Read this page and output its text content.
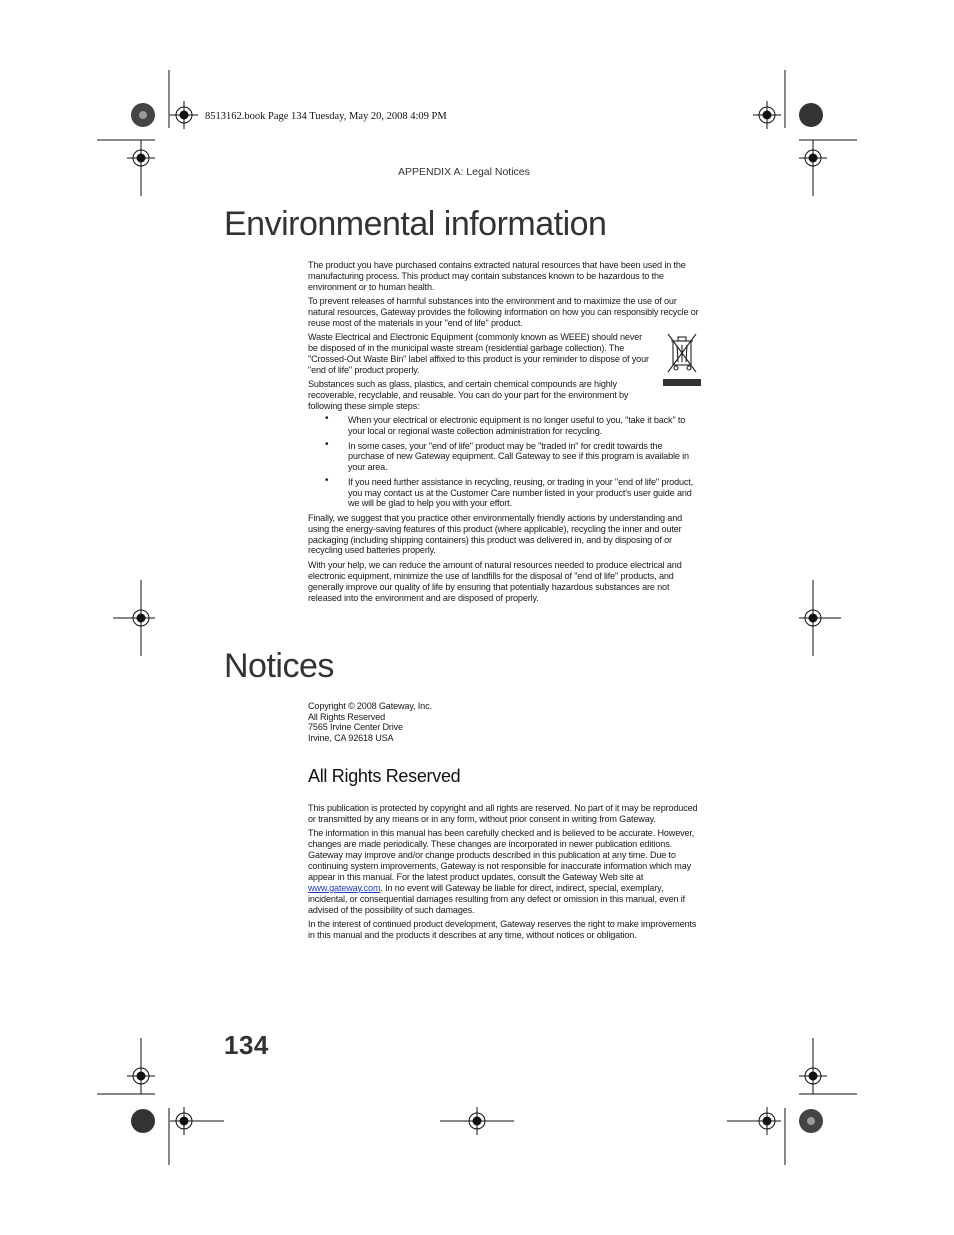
8513162.book Page 134 Tuesday, May 20, 2008 4:09 PM
APPENDIX A: Legal Notices
Environmental information

The product you have purchased contains extracted natural resources that have been used in the manufacturing process. This product may contain substances known to be hazardous to the environment or to human health.

To prevent releases of harmful substances into the environment and to maximize the use of our natural resources, Gateway provides the following information on how you can responsibly recycle or reuse most of the materials in your "end of life" product.

Waste Electrical and Electronic Equipment (commonly known as WEEE) should never be disposed of in the municipal waste stream (residential garbage collection). The "Crossed-Out Waste Bin" label affixed to this product is your reminder to dispose of your "end of life" product properly.

Substances such as glass, plastics, and certain chemical compounds are highly recoverable, recyclable, and reusable. You can do your part for the environment by following these simple steps:

• When your electrical or electronic equipment is no longer useful to you, "take it back" to your local or regional waste collection administration for recycling.
• In some cases, your "end of life" product may be "traded in" for credit towards the purchase of new Gateway equipment. Call Gateway to see if this program is available in your area.
• If you need further assistance in recycling, reusing, or trading in your "end of life" product, you may contact us at the Customer Care number listed in your product's user guide and we will be glad to help you with your effort.

Finally, we suggest that you practice other environmentally friendly actions by understanding and using the energy-saving features of this product (where applicable), recycling the inner and outer packaging (including shipping containers) this product was delivered in, and by disposing of or recycling used batteries properly.

With your help, we can reduce the amount of natural resources needed to produce electrical and electronic equipment, minimize the use of landfills for the disposal of "end of life" products, and generally improve our quality of life by ensuring that potentially hazardous substances are not released into the environment and are disposed of properly.

Notices
Copyright © 2008 Gateway, Inc.
All Rights Reserved
7565 Irvine Center Drive
Irvine, CA 92618 USA
All Rights Reserved

This publication is protected by copyright and all rights are reserved. No part of it may be reproduced or transmitted by any means or in any form, without prior consent in writing from Gateway.

The information in this manual has been carefully checked and is believed to be accurate. However, changes are made periodically. These changes are incorporated in newer publication editions. Gateway may improve and/or change products described in this publication at any time. Due to continuing system improvements, Gateway is not responsible for inaccurate information which may appear in this manual. For the latest product updates, consult the Gateway Web site at www.gateway.com. In no event will Gateway be liable for direct, indirect, special, exemplary, incidental, or consequential damages resulting from any defect or omission in this manual, even if advised of the possibility of such damages.

In the interest of continued product development, Gateway reserves the right to make improvements in this manual and the products it describes at any time, without notices or obligation.

134
